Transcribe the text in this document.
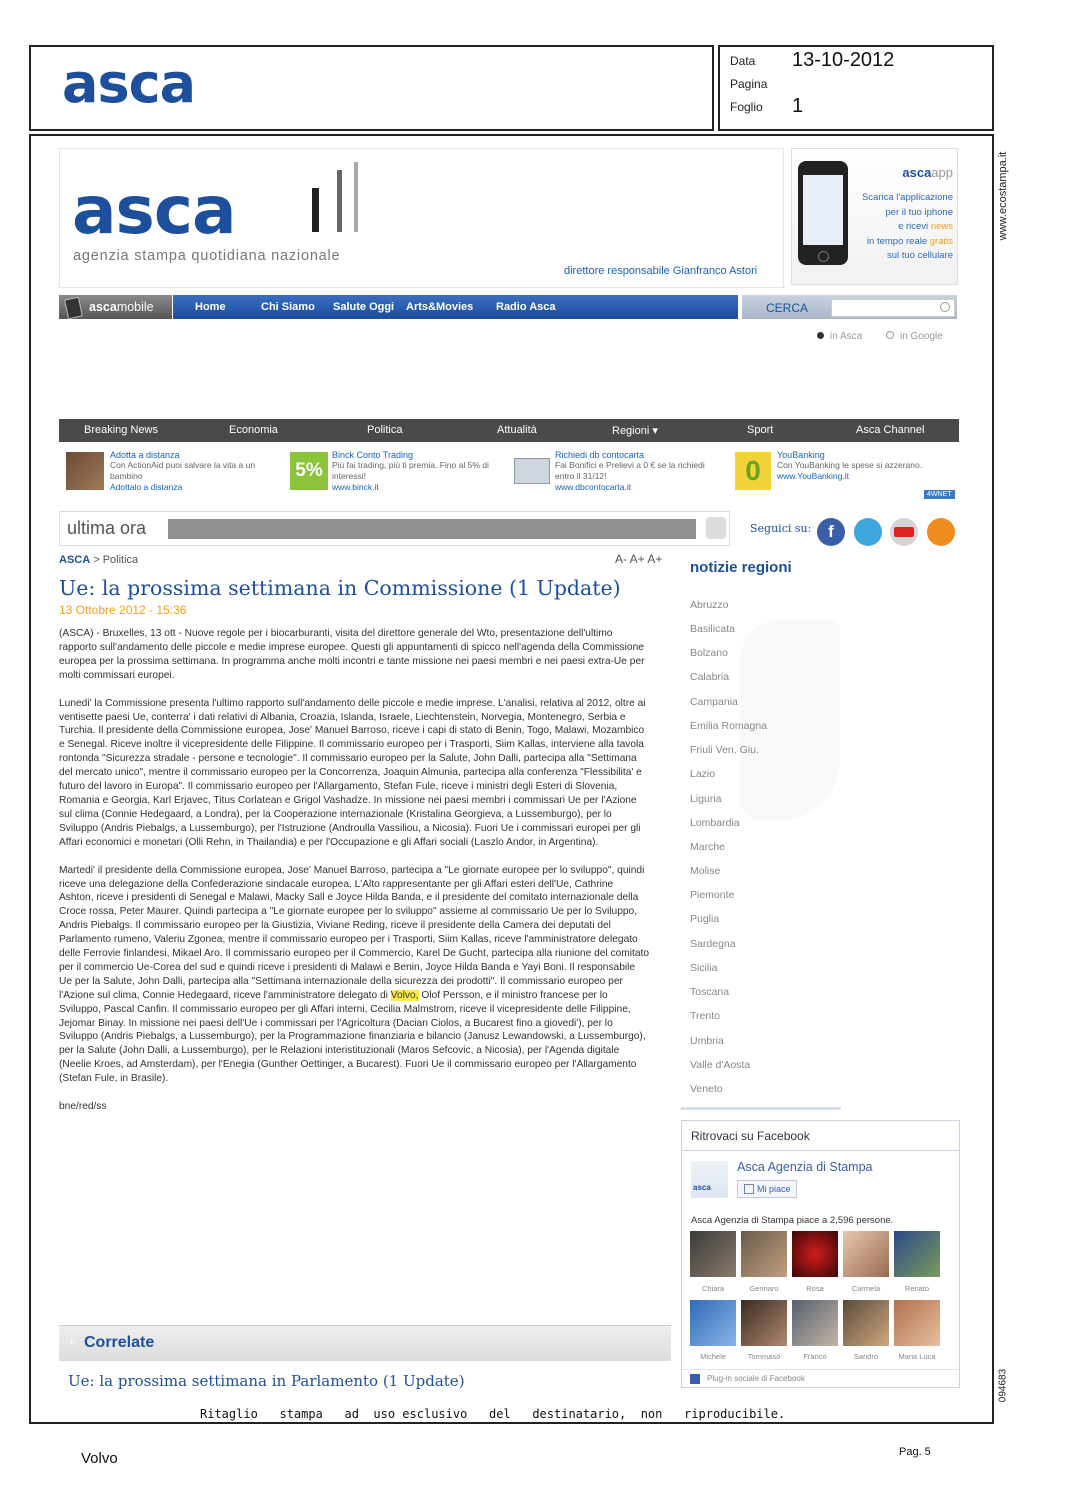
asca	Data 13-10-2012
Pagina
Foglio 1
www.ecostampa.it
094683
asca
agenzia stampa quotidiana nazionale
direttore responsabile Gianfranco Astori
ascaapp
Scarica l'applicazione
per il tuo iphone
e ricevi news
in tempo reale gratis
sul tuo cellulare
ascamobile	Home	Chi Siamo Salute Oggi Arts&Movies Radio Asca	CERCA
in Asca	in Google
Breaking News	Economia	Politica	Attualità	Regioni ▾	Sport	Asca Channel
Adotta a distanza
Con ActionAid puoi salvare la vita a un bambino
Adottalo a distanza
5%
Binck Conto Trading
Più fai trading, più ti premia. Fino al 5% di interessi!
www.binck.it
Richiedi db contocarta
Fai Bonifici e Prelievi a 0 € se la richiedi entro il 31/12!
www.dbcontocarta.it
0	YouBanking
Con YouBanking le spese si azzerano.
www.YouBanking.it
4WNET
ultima ora	Seguici su: f
ASCA > Politica	A- A+ A+
Ue: la prossima settimana in Commissione (1 Update)
13 Ottobre 2012 - 15:36

(ASCA) - Bruxelles, 13 ott - Nuove regole per i biocarburanti, visita del direttore generale del Wto, presentazione dell'ultimo rapporto sull'andamento delle piccole e medie imprese europee. Questi gli appuntamenti di spicco nell'agenda della Commissione europea per la prossima settimana. In programma anche molti incontri e tante missione nei paesi membri e nei paesi extra-Ue per molti commissari europei.

Lunedi' la Commissione presenta l'ultimo rapporto sull'andamento delle piccole e medie imprese. L'analisi, relativa al 2012, oltre ai ventisette paesi Ue, conterra' i dati relativi di Albania, Croazia, Islanda, Israele, Liechtenstein, Norvegia, Montenegro, Serbia e Turchia. Il presidente della Commissione europea, Jose' Manuel Barroso, riceve i capi di stato di Benin, Togo, Malawi, Mozambico e Senegal. Riceve inoltre il vicepresidente delle Filippine. Il commissario europeo per i Trasporti, Siim Kallas, interviene alla tavola rontonda "Sicurezza stradale - persone e tecnologie". Il commissario europeo per la Salute, John Dalli, partecipa alla "Settimana del mercato unico", mentre il commissario europeo per la Concorrenza, Joaquin Almunia, partecipa alla conferenza "Flessibilita' e futuro del lavoro in Europa". Il commissario europeo per l'Allargamento, Stefan Fule, riceve i ministri degli Esteri di Slovenia, Romania e Georgia, Karl Erjavec, Titus Corlatean e Grigol Vashadze. In missione nei paesi membri i commissari Ue per l'Azione sul clima (Connie Hedegaard, a Londra), per la Cooperazione internazionale (Kristalina Georgieva, a Lussemburgo), per lo Sviluppo (Andris Piebalgs, a Lussemburgo), per l'Istruzione (Androulla Vassiliou, a Nicosia). Fuori Ue i commissari europei per gli Affari economici e monetari (Olli Rehn, in Thailandia) e per l'Occupazione e gli Affari sociali (Laszlo Andor, in Argentina).

Martedi' il presidente della Commissione europea, Jose' Manuel Barroso, partecipa a "Le giornate europee per lo sviluppo", quindi riceve una delegazione della Confederazione sindacale europea. L'Alto rappresentante per gli Affari esteri dell'Ue, Cathrine Ashton, riceve i presidenti di Senegal e Malawi, Macky Sall e Joyce Hilda Banda, e il presidente del comitato internazionale della Croce rossa, Peter Maurer. Quindi partecipa a "Le giornate europee per lo sviluppo" assieme al commissario Ue per lo Sviluppo, Andris Piebalgs. Il commissario europeo per la Giustizia, Viviane Reding, riceve il presidente della Camera dei deputati del Parlamento rumeno, Valeriu Zgonea, mentre il commissario europeo per i Trasporti, Siim Kallas, riceve l'amministratore delegato delle Ferrovie finlandesi, Mikael Aro. Il commissario europeo per il Commercio, Karel De Gucht, partecipa alla riunione del comitato per il commercio Ue-Corea del sud e quindi riceve i presidenti di Malawi e Benin, Joyce Hilda Banda e Yayi Boni. Il responsabile Ue per la Salute, John Dalli, partecipa alla "Settimana internazionale della sicurezza dei prodotti". Il commissario europeo per l'Azione sul clima, Connie Hedegaard, riceve l'amministratore delegato di Volvo, Olof Persson, e il ministro francese per lo Sviluppo, Pascal Canfin. Il commissario europeo per gli Affari interni, Cecilia Malmstrom, riceve il vicepresidente delle Filippine, Jejomar Binay. In missione nei paesi dell'Ue i commissari per l'Agricoltura (Dacian Ciolos, a Bucarest fino a giovedi'), per lo Sviluppo (Andris Piebalgs, a Lussemburgo), per la Programmazione finanziaria e bilancio (Janusz Lewandowski, a Lussemburgo), per la Salute (John Dalli, a Lussemburgo), per le Relazioni interistituzionali (Maros Sefcovic, a Nicosia), per l'Agenda digitale (Neelie Kroes, ad Amsterdam), per l'Enegia (Gunther Oettinger, a Bucarest). Fuori Ue il commissario europeo per l'Allargamento (Stefan Fule, in Brasile).

bne/red/ss

+ Correlate
Ue: la prossima settimana in Parlamento (1 Update)
notizie regioni
Abruzzo
Basilicata
Bolzano
Calabria
Campania
Emilia Romagna
Friuli Ven. Giu.
Lazio
Liguria
Lombardia
Marche
Molise
Piemonte
Puglia
Sardegna
Sicilia
Toscana
Trento
Umbria
Valle d'Aosta
Veneto
Ritrovaci su Facebook
asca
Asca Agenzia di Stampa
Mi piace
Asca Agenzia di Stampa piace a 2,596 persone.
Chiara	Gennaro	Rosa	Carmela	Renato
Michele	Tommaso	Franco	Sandro	Maria Luca
Plug-in sociale di Facebook
Ritaglio   stampa   ad  uso esclusivo   del   destinatario,  non   riproducibile.
Volvo	Pag. 5
